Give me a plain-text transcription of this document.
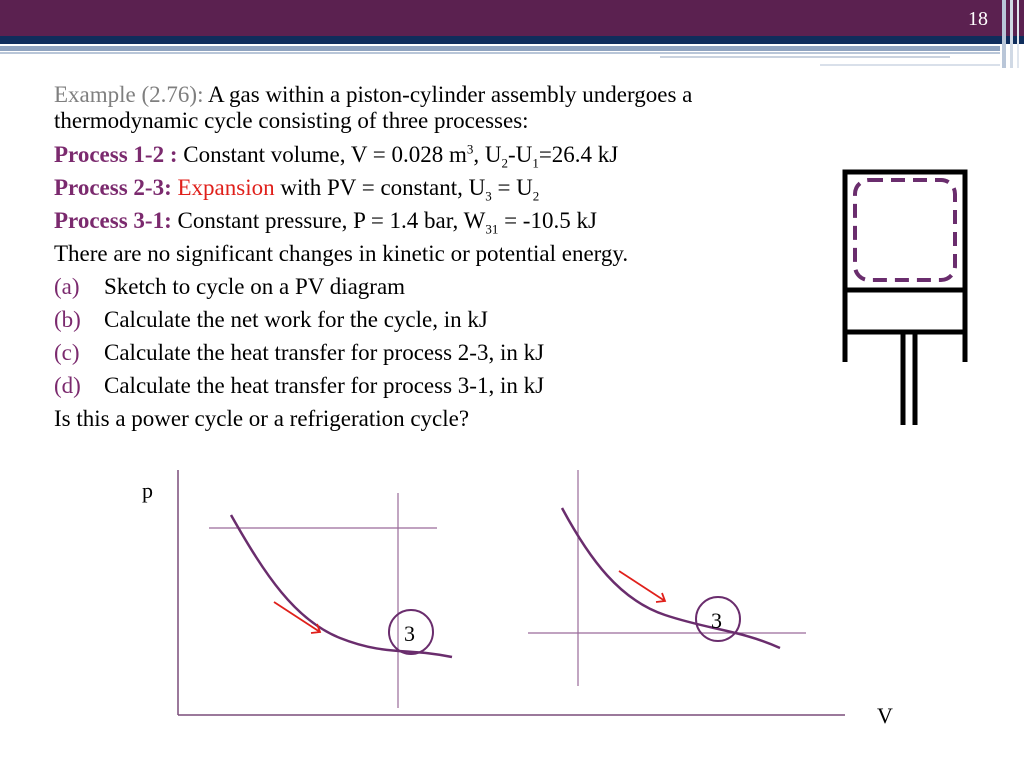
18
Example (2.76): A gas within a piston-cylinder assembly undergoes a
thermodynamic cycle consisting of three processes:
Process 1-2 : Constant volume, V = 0.028 $m^3$, $U_2-U_1=26.4$ kJ
Process 2-3: Expansion with PV = constant, $U_3 = U_2$
Process 3-1: Constant pressure, P = 1.4 bar, $W_{31} = -10.5$ kJ
There are no significant changes in kinetic or potential energy.
(a)	Sketch to cycle on a PV diagram
(b)	Calculate the net work for the cycle, in kJ
(c)	Calculate the heat transfer for process 2-3, in kJ
(d)	Calculate the heat transfer for process 3-1, in kJ
Is this a power cycle or a refrigeration cycle?
p
V
3
3
